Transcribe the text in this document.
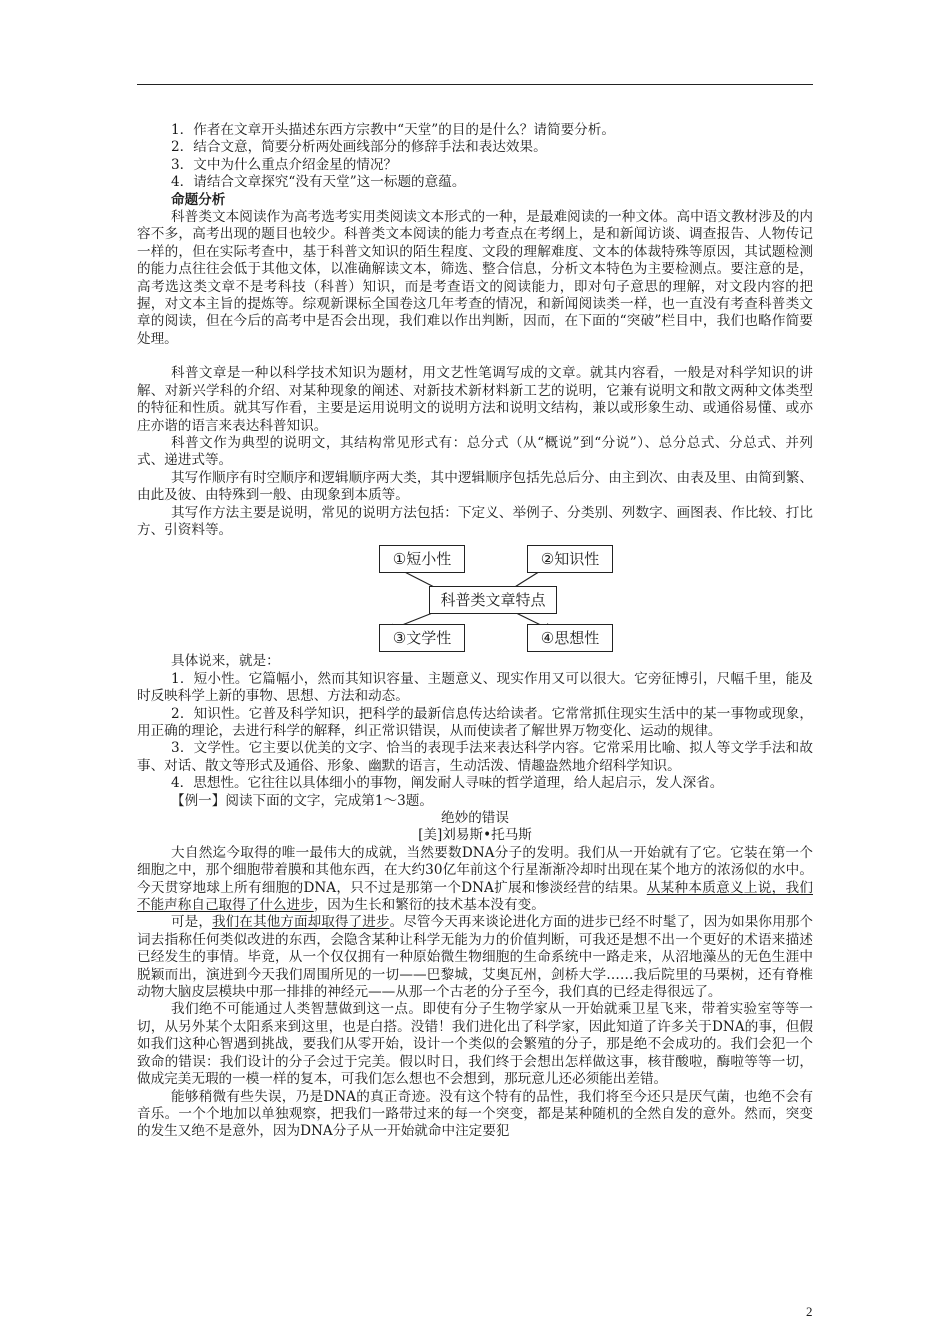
1．作者在文章开头描述东西方宗教中“天堂”的目的是什么？请简要分析。

2．结合文意，简要分析两处画线部分的修辞手法和表达效果。

3．文中为什么重点介绍金星的情况？

4．请结合文章探究“没有天堂”这一标题的意蕴。

命题分析

科普类文本阅读作为高考选考实用类阅读文本形式的一种，是最难阅读的一种文体。高中语文教材涉及的内容不多，高考出现的题目也较少。科普类文本阅读的能力考查点在考纲上，是和新闻访谈、调查报告、人物传记一样的，但在实际考查中，基于科普文知识的陌生程度、文段的理解难度、文本的体裁特殊等原因，其试题检测的能力点往往会低于其他文体，以准确解读文本，筛选、整合信息，分析文本特色为主要检测点。要注意的是，高考选这类文章不是考科技（科普）知识，而是考查语文的阅读能力，即对句子意思的理解，对文段内容的把握，对文本主旨的提炼等。综观新课标全国卷这几年考查的情况，和新闻阅读类一样，也一直没有考查科普类文章的阅读，但在今后的高考中是否会出现，我们难以作出判断，因而，在下面的“突破”栏目中，我们也略作简要处理。

科普文章是一种以科学技术知识为题材，用文艺性笔调写成的文章。就其内容看，一般是对科学知识的讲解、对新兴学科的介绍、对某种现象的阐述、对新技术新材料新工艺的说明，它兼有说明文和散文两种文体类型的特征和性质。就其写作看，主要是运用说明文的说明方法和说明文结构，兼以或形象生动、或通俗易懂、或亦庄亦谐的语言来表达科普知识。

科普文作为典型的说明文，其结构常见形式有：总分式（从“概说”到“分说”）、总分总式、分总式、并列式、递进式等。

其写作顺序有时空顺序和逻辑顺序两大类，其中逻辑顺序包括先总后分、由主到次、由表及里、由简到繁、由此及彼、由特殊到一般、由现象到本质等。

其写作方法主要是说明，常见的说明方法包括：下定义、举例子、分类别、列数字、画图表、作比较、打比方、引资料等。

①短小性	②知识性
科普类文章特点
③文学性	④思想性

具体说来，就是：

1．短小性。它篇幅小，然而其知识容量、主题意义、现实作用又可以很大。它旁征博引，尺幅千里，能及时反映科学上新的事物、思想、方法和动态。

2．知识性。它普及科学知识，把科学的最新信息传达给读者。它常常抓住现实生活中的某一事物或现象，用正确的理论，去进行科学的解释，纠正常识错误，从而使读者了解世界万物变化、运动的规律。

3．文学性。它主要以优美的文字、恰当的表现手法来表达科学内容。它常采用比喻、拟人等文学手法和故事、对话、散文等形式及通俗、形象、幽默的语言，生动活泼、情趣盎然地介绍科学知识。

4．思想性。它往往以具体细小的事物，阐发耐人寻味的哲学道理，给人起启示，发人深省。

【例一】阅读下面的文字，完成第1～3题。

绝妙的错误

[美]刘易斯•托马斯

大自然迄今取得的唯一最伟大的成就，当然要数DNA分子的发明。我们从一开始就有了它。它装在第一个细胞之中，那个细胞带着膜和其他东西，在大约30亿年前这个行星渐渐冷却时出现在某个地方的浓汤似的水中。今天贯穿地球上所有细胞的DNA，只不过是那第一个DNA扩展和惨淡经营的结果。从某种本质意义上说，我们不能声称自己取得了什么进步，因为生长和繁衍的技术基本没有变。

可是，我们在其他方面却取得了进步。尽管今天再来谈论进化方面的进步已经不时髦了，因为如果你用那个词去指称任何类似改进的东西，会隐含某种让科学无能为力的价值判断，可我还是想不出一个更好的术语来描述已经发生的事情。毕竟，从一个仅仅拥有一种原始微生物细胞的生命系统中一路走来，从沼地藻丛的无色生涯中脱颖而出，演进到今天我们周围所见的一切——巴黎城，艾奥瓦州，剑桥大学……我后院里的马栗树，还有脊椎动物大脑皮层模块中那一排排的神经元——从那一个古老的分子至今，我们真的已经走得很远了。

我们绝不可能通过人类智慧做到这一点。即使有分子生物学家从一开始就乘卫星飞来，带着实验室等等一切，从另外某个太阳系来到这里，也是白搭。没错！我们进化出了科学家，因此知道了许多关于DNA的事，但假如我们这种心智遇到挑战，要我们从零开始，设计一个类似的会繁殖的分子，那是绝不会成功的。我们会犯一个致命的错误：我们设计的分子会过于完美。假以时日，我们终于会想出怎样做这事，核苷酸啦，酶啦等等一切，做成完美无瑕的一模一样的复本，可我们怎么想也不会想到，那玩意儿还必须能出差错。

能够稍微有些失误，乃是DNA的真正奇迹。没有这个特有的品性，我们将至今还只是厌气菌，也绝不会有音乐。一个个地加以单独观察，把我们一路带过来的每一个突变，都是某种随机的全然自发的意外。然而，突变的发生又绝不是意外，因为DNA分子从一开始就命中注定要犯

2
